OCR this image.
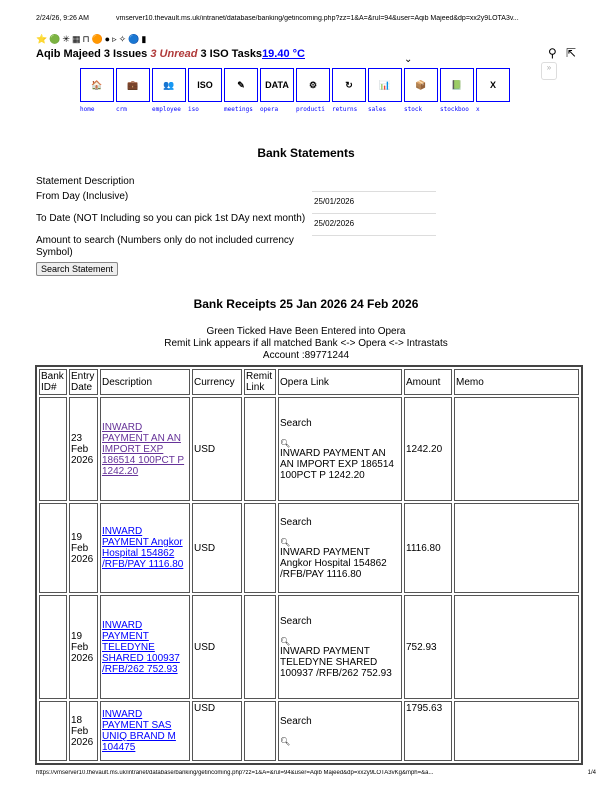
2/24/26, 9:26 AM	vmserver10.thevault.ms.uk/intranet/database/banking/getincoming.php?zz=1&A=&rul=94&user=Aqib Majeed&dp=xx2y9LOTA3v...
⭐🟢✳▦⊓🟠●▹✧🔵▮
Aqib Majeed 3 Issues 3 Unread 3 ISO Tasks19.40 °C	⌄	⚲ ⇱
»
🏠
home
💼
crm
👥
employee
ISO
iso
✎
meetings
DATA
opera
⚙
producti
↻
returns
📊
sales
📦
stock
📗
stockboo
X
x
Bank Statements
Statement Description
From Day (Inclusive)
25/01/2026
To Date (NOT Including so you can pick 1st DAy next month)
25/02/2026
Amount to search (Numbers only do not included currency Symbol)
Search Statement
Bank Receipts 25 Jan 2026 24 Feb 2026
Green Ticked Have Been Entered into Opera
Remit Link appears if all matched Bank <-> Opera <-> Intrastats
Account :89771244
Bank ID#	Entry Date	Description	Currency	Remit Link	Opera Link	Amount	Memo
	23 Feb 2026	INWARD PAYMENT AN AN IMPORT EXP 186514 100PCT P 1242.20	USD		Search
🔍︎
INWARD PAYMENT AN AN IMPORT EXP 186514 100PCT P 1242.20	1242.20	
	19 Feb 2026	INWARD PAYMENT Angkor Hospital 154862 /RFB/PAY 1116.80	USD		Search
🔍︎
INWARD PAYMENT Angkor Hospital 154862 /RFB/PAY 1116.80	1116.80	
	19 Feb 2026	INWARD PAYMENT TELEDYNE SHARED 100937 /RFB/262 752.93	USD		Search
🔍︎
INWARD PAYMENT TELEDYNE SHARED 100937 /RFB/262 752.93	752.93	
	18 Feb 2026	INWARD PAYMENT SAS UNIQ BRAND M 104475	USD		Search
🔍︎	1795.63	
https://vmserver10.thevault.ms.uk/intranet/database/banking/getincoming.php?zz=1&A=&rul=94&user=Aqib Majeed&dp=xx2y9LOTA3vKg&mph=&a...	1/4
